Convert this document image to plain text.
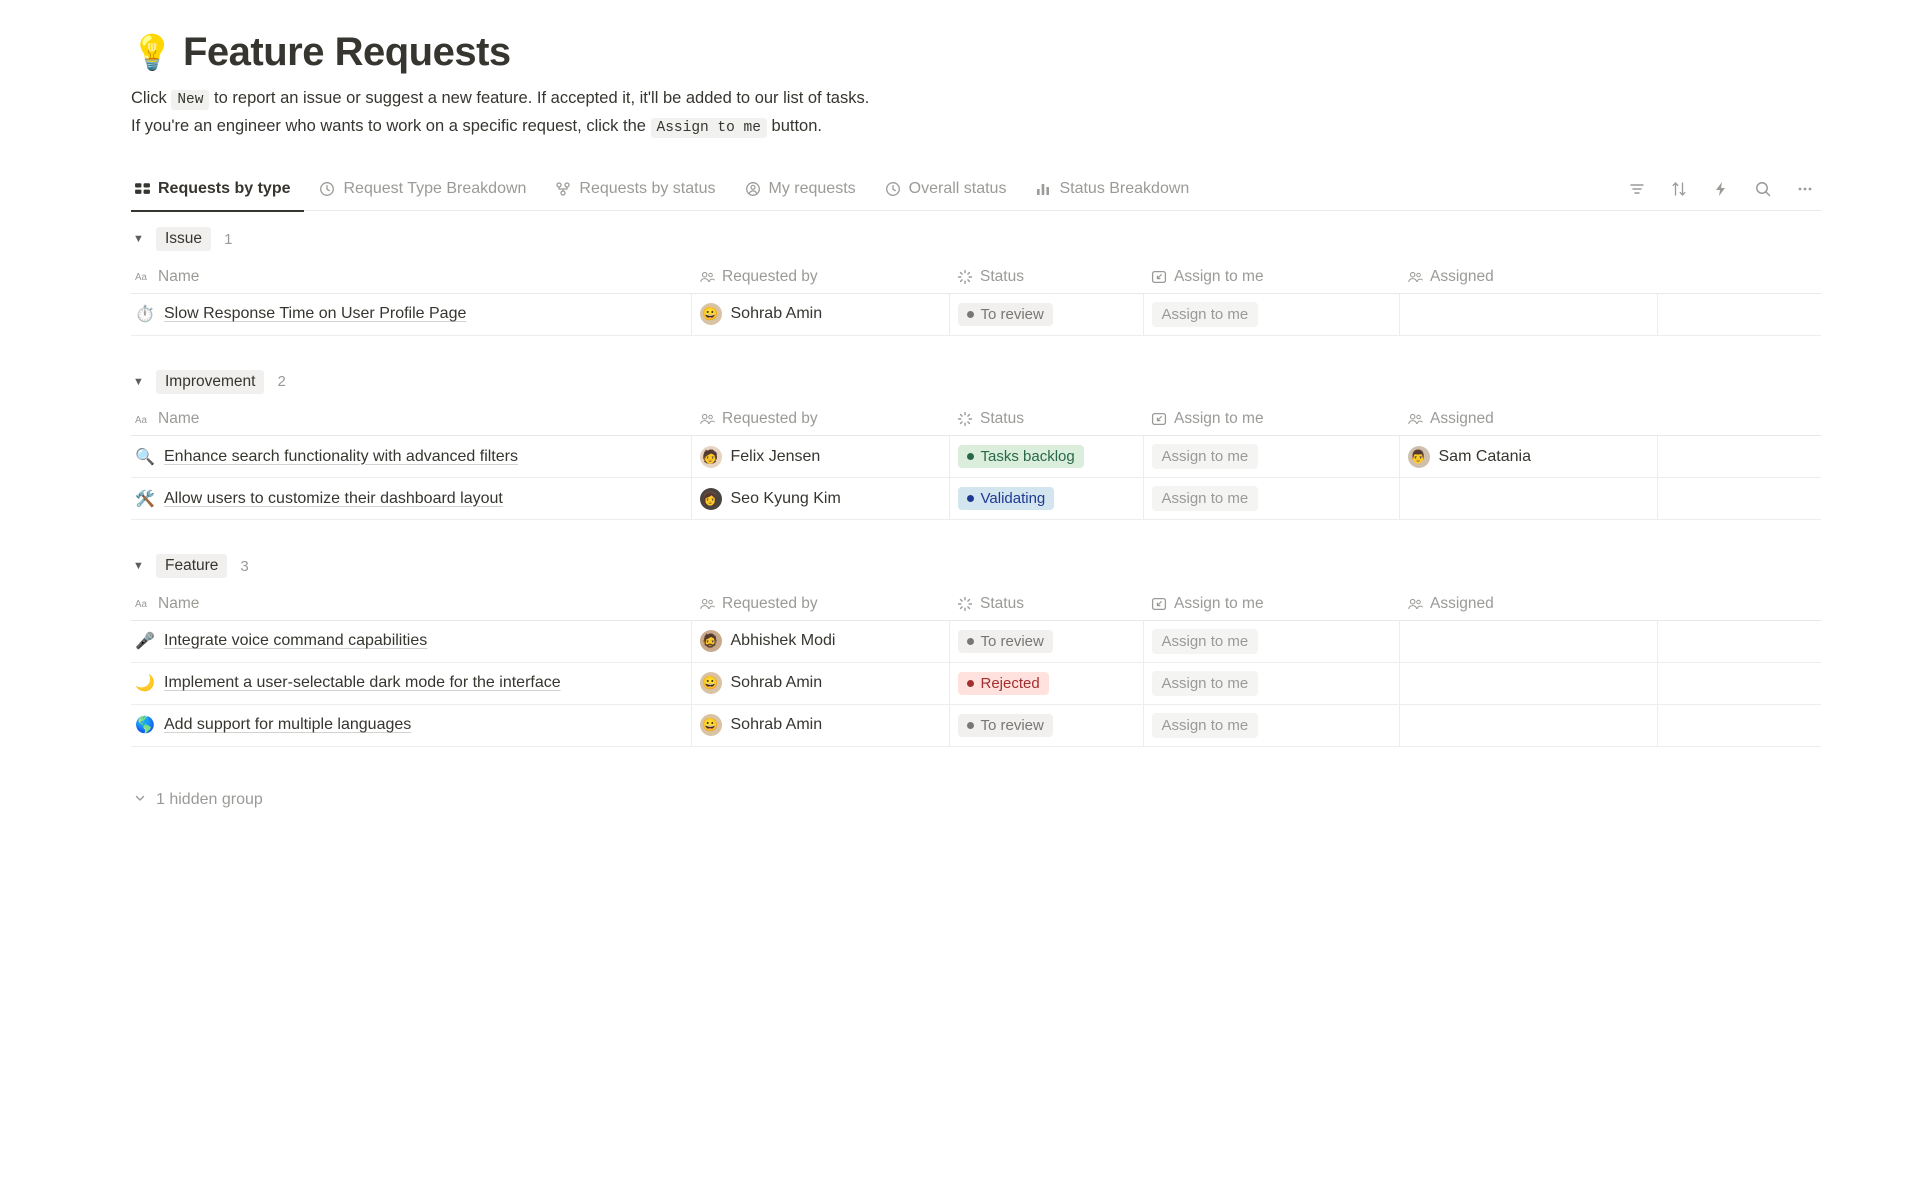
💡 Feature Requests
Click New to report an issue or suggest a new feature. If accepted it, it'll be added to our list of tasks.
If you're an engineer who wants to work on a specific request, click the Assign to me button.
Requests by type	Request Type Breakdown	Requests by status	My requests	Overall status	Status Breakdown
▼	Issue	1
Aa Name	Requested by	Status	Assign to me	Assigned	

⏱️ Slow Response Time on User Profile Page	😀 Sohrab Amin	To review	Assign to me		

▼	Improvement	2
Aa Name	Requested by	Status	Assign to me	Assigned	

🔍 Enhance search functionality with advanced filters	🧑 Felix Jensen	Tasks backlog	Assign to me	👨 Sam Catania	

🛠️ Allow users to customize their dashboard layout	👩 Seo Kyung Kim	Validating	Assign to me		

▼	Feature	3
Aa Name	Requested by	Status	Assign to me	Assigned	

🎤 Integrate voice command capabilities	🧔 Abhishek Modi	To review	Assign to me		

🌙 Implement a user-selectable dark mode for the interface	😀 Sohrab Amin	Rejected	Assign to me		

🌎 Add support for multiple languages	😀 Sohrab Amin	To review	Assign to me		

1 hidden group
